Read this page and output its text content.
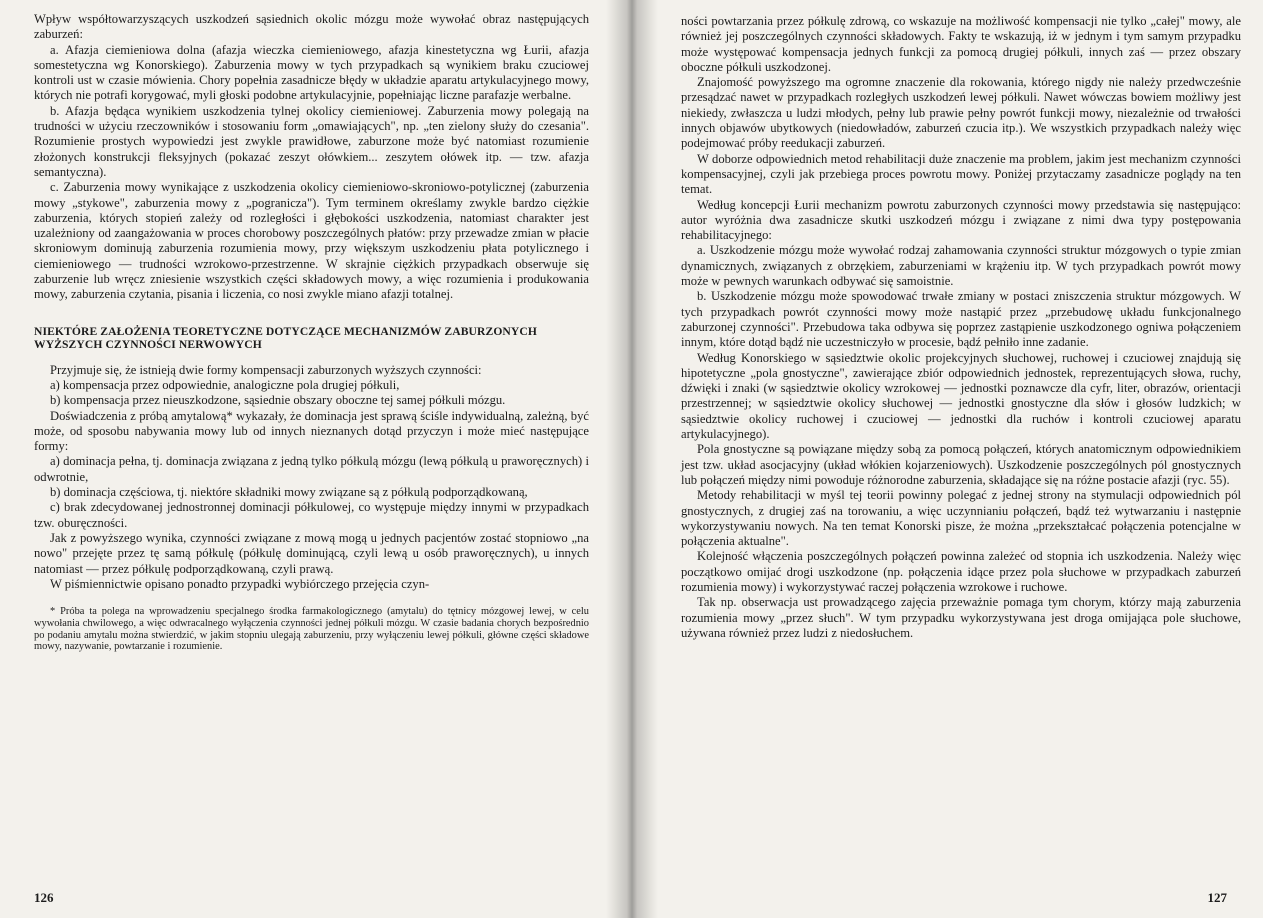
Wpływ współtowarzyszących uszkodzeń sąsiednich okolic mózgu może wywołać obraz następujących zaburzeń:

a. Afazja ciemieniowa dolna (afazja wieczka ciemieniowego, afazja kinestetyczna wg Łurii, afazja somestetyczna wg Konorskiego). Zaburzenia mowy w tych przypadkach są wynikiem braku czuciowej kontroli ust w czasie mówienia. Chory popełnia zasadnicze błędy w układzie aparatu artykulacyjnego mowy, których nie potrafi korygować, myli głoski podobne artykulacyjnie, popełniając liczne parafazje werbalne.

b. Afazja będąca wynikiem uszkodzenia tylnej okolicy ciemieniowej. Zaburzenia mowy polegają na trudności w użyciu rzeczowników i stosowaniu form „omawiających", np. „ten zielony służy do czesania". Rozumienie prostych wypowiedzi jest zwykle prawidłowe, zaburzone może być natomiast rozumienie złożonych konstrukcji fleksyjnych (pokazać zeszyt ołówkiem... zeszytem ołówek itp. — tzw. afazja semantyczna).

c. Zaburzenia mowy wynikające z uszkodzenia okolicy ciemieniowo-skroniowo-potylicznej (zaburzenia mowy „stykowe", zaburzenia mowy z „pogranicza"). Tym terminem określamy zwykle bardzo ciężkie zaburzenia, których stopień zależy od rozległości i głębokości uszkodzenia, natomiast charakter jest uzależniony od zaangażowania w proces chorobowy poszczególnych płatów: przy przewadze zmian w płacie skroniowym dominują zaburzenia rozumienia mowy, przy większym uszkodzeniu płata potylicznego i ciemieniowego — trudności wzrokowo-przestrzenne. W skrajnie ciężkich przypadkach obserwuje się zaburzenie lub wręcz zniesienie wszystkich części składowych mowy, a więc rozumienia i produkowania mowy, zaburzenia czytania, pisania i liczenia, co nosi zwykle miano afazji totalnej.

NIEKTÓRE ZAŁOŻENIA TEORETYCZNE DOTYCZĄCE MECHANIZMÓW ZABURZONYCH WYŻSZYCH CZYNNOŚCI NERWOWYCH

Przyjmuje się, że istnieją dwie formy kompensacji zaburzonych wyższych czynności:

a) kompensacja przez odpowiednie, analogiczne pola drugiej półkuli,

b) kompensacja przez nieuszkodzone, sąsiednie obszary oboczne tej samej półkuli mózgu.

Doświadczenia z próbą amytalową* wykazały, że dominacja jest sprawą ściśle indywidualną, zależną, być może, od sposobu nabywania mowy lub od innych nieznanych dotąd przyczyn i może mieć następujące formy:

a) dominacja pełna, tj. dominacja związana z jedną tylko półkulą mózgu (lewą półkulą u praworęcznych) i odwrotnie,

b) dominacja częściowa, tj. niektóre składniki mowy związane są z półkulą podporządkowaną,

c) brak zdecydowanej jednostronnej dominacji półkulowej, co występuje między innymi w przypadkach tzw. oburęczności.

Jak z powyższego wynika, czynności związane z mową mogą u jednych pacjentów zostać stopniowo „na nowo" przejęte przez tę samą półkulę (półkulę dominującą, czyli lewą u osób praworęcznych), u innych natomiast — przez półkulę podporządkowaną, czyli prawą.

W piśmiennictwie opisano ponadto przypadki wybiórczego przejęcia czyn-

* Próba ta polega na wprowadzeniu specjalnego środka farmakologicznego (amytalu) do tętnicy mózgowej lewej, w celu wywołania chwilowego, a więc odwracalnego wyłączenia czynności jednej półkuli mózgu. W czasie badania chorych bezpośrednio po podaniu amytalu można stwierdzić, w jakim stopniu ulegają zaburzeniu, przy wyłączeniu lewej półkuli, główne części składowe mowy, nazywanie, powtarzanie i rozumienie.

126

ności powtarzania przez półkulę zdrową, co wskazuje na możliwość kompensacji nie tylko „całej" mowy, ale również jej poszczególnych czynności składowych. Fakty te wskazują, iż w jednym i tym samym przypadku może występować kompensacja jednych funkcji za pomocą drugiej półkuli, innych zaś — przez obszary oboczne półkuli uszkodzonej.

Znajomość powyższego ma ogromne znaczenie dla rokowania, którego nigdy nie należy przedwcześnie przesądzać nawet w przypadkach rozległych uszkodzeń lewej półkuli. Nawet wówczas bowiem możliwy jest niekiedy, zwłaszcza u ludzi młodych, pełny lub prawie pełny powrót funkcji mowy, niezależnie od trwałości innych objawów ubytkowych (niedowładów, zaburzeń czucia itp.). We wszystkich przypadkach należy więc podejmować próby reedukacji zaburzeń.

W doborze odpowiednich metod rehabilitacji duże znaczenie ma problem, jakim jest mechanizm czynności kompensacyjnej, czyli jak przebiega proces powrotu mowy. Poniżej przytaczamy zasadnicze poglądy na ten temat.

Według koncepcji Łurii mechanizm powrotu zaburzonych czynności mowy przedstawia się następująco: autor wyróżnia dwa zasadnicze skutki uszkodzeń mózgu i związane z nimi dwa typy postępowania rehabilitacyjnego:

a. Uszkodzenie mózgu może wywołać rodzaj zahamowania czynności struktur mózgowych o typie zmian dynamicznych, związanych z obrzękiem, zaburzeniami w krążeniu itp. W tych przypadkach powrót mowy może w pewnych warunkach odbywać się samoistnie.

b. Uszkodzenie mózgu może spowodować trwałe zmiany w postaci zniszczenia struktur mózgowych. W tych przypadkach powrót czynności mowy może nastąpić przez „przebudowę układu funkcjonalnego zaburzonej czynności". Przebudowa taka odbywa się poprzez zastąpienie uszkodzonego ogniwa połączeniem innym, które dotąd bądź nie uczestniczyło w procesie, bądź pełniło inne zadanie.

Według Konorskiego w sąsiedztwie okolic projekcyjnych słuchowej, ruchowej i czuciowej znajdują się hipotetyczne „pola gnostyczne", zawierające zbiór odpowiednich jednostek, reprezentujących słowa, ruchy, dźwięki i znaki (w sąsiedztwie okolicy wzrokowej — jednostki poznawcze dla cyfr, liter, obrazów, orientacji przestrzennej; w sąsiedztwie okolicy słuchowej — jednostki gnostyczne dla słów i głosów ludzkich; w sąsiedztwie okolicy ruchowej i czuciowej — jednostki dla ruchów i kontroli czuciowej aparatu artykulacyjnego).

Pola gnostyczne są powiązane między sobą za pomocą połączeń, których anatomicznym odpowiednikiem jest tzw. układ asocjacyjny (układ włókien kojarzeniowych). Uszkodzenie poszczególnych pól gnostycznych lub połączeń między nimi powoduje różnorodne zaburzenia, składające się na różne postacie afazji (ryc. 55).

Metody rehabilitacji w myśl tej teorii powinny polegać z jednej strony na stymulacji odpowiednich pól gnostycznych, z drugiej zaś na torowaniu, a więc uczynnianiu połączeń, bądź też wytwarzaniu i następnie wykorzystywaniu nowych. Na ten temat Konorski pisze, że można „przekształcać połączenia potencjalne w połączenia aktualne".

Kolejność włączenia poszczególnych połączeń powinna zależeć od stopnia ich uszkodzenia. Należy więc początkowo omijać drogi uszkodzone (np. połączenia idące przez pola słuchowe w przypadkach zaburzeń rozumienia mowy) i wykorzystywać raczej połączenia wzrokowe i ruchowe.

Tak np. obserwacja ust prowadzącego zajęcia przeważnie pomaga tym chorym, którzy mają zaburzenia rozumienia mowy „przez słuch". W tym przypadku wykorzystywana jest droga omijająca pole słuchowe, używana również przez ludzi z niedosłuchem.

127
